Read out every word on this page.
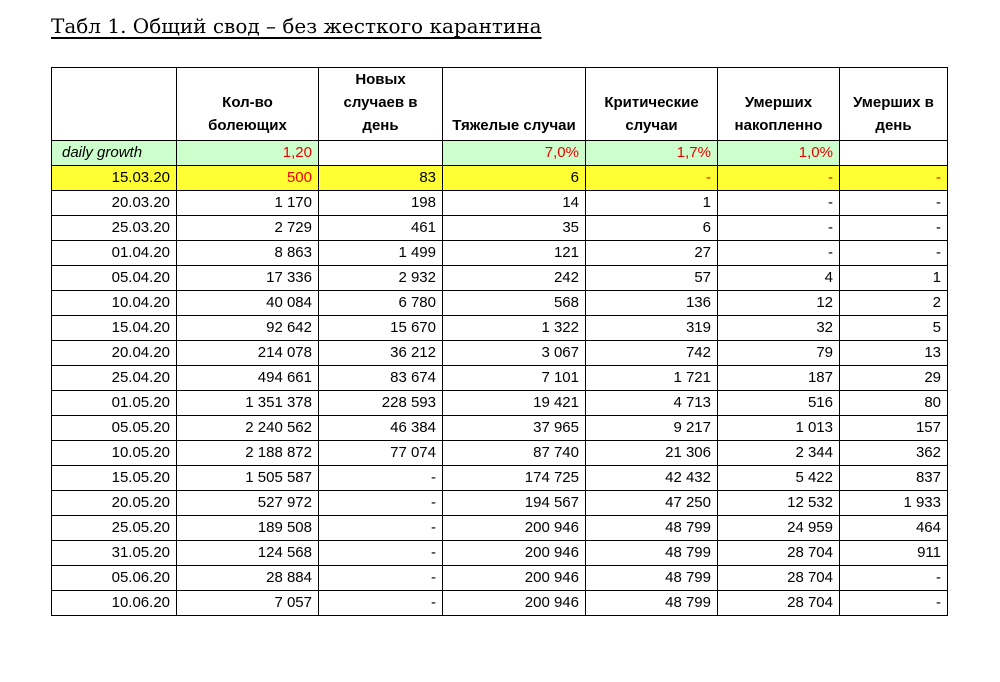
Табл 1. Общий свод – без жесткого карантина
	Кол-во болеющих	Новых случаев в день	Тяжелые случаи	Критические случаи	Умерших накопленно	Умерших в день
daily growth	1,20		7,0%	1,7%	1,0%	
15.03.20	500	83	6	-	-	-
20.03.20	1 170	198	14	1	-	-
25.03.20	2 729	461	35	6	-	-
01.04.20	8 863	1 499	121	27	-	-
05.04.20	17 336	2 932	242	57	4	1
10.04.20	40 084	6 780	568	136	12	2
15.04.20	92 642	15 670	1 322	319	32	5
20.04.20	214 078	36 212	3 067	742	79	13
25.04.20	494 661	83 674	7 101	1 721	187	29
01.05.20	1 351 378	228 593	19 421	4 713	516	80
05.05.20	2 240 562	46 384	37 965	9 217	1 013	157
10.05.20	2 188 872	77 074	87 740	21 306	2 344	362
15.05.20	1 505 587	-	174 725	42 432	5 422	837
20.05.20	527 972	-	194 567	47 250	12 532	1 933
25.05.20	189 508	-	200 946	48 799	24 959	464
31.05.20	124 568	-	200 946	48 799	28 704	911
05.06.20	28 884	-	200 946	48 799	28 704	-
10.06.20	7 057	-	200 946	48 799	28 704	-
